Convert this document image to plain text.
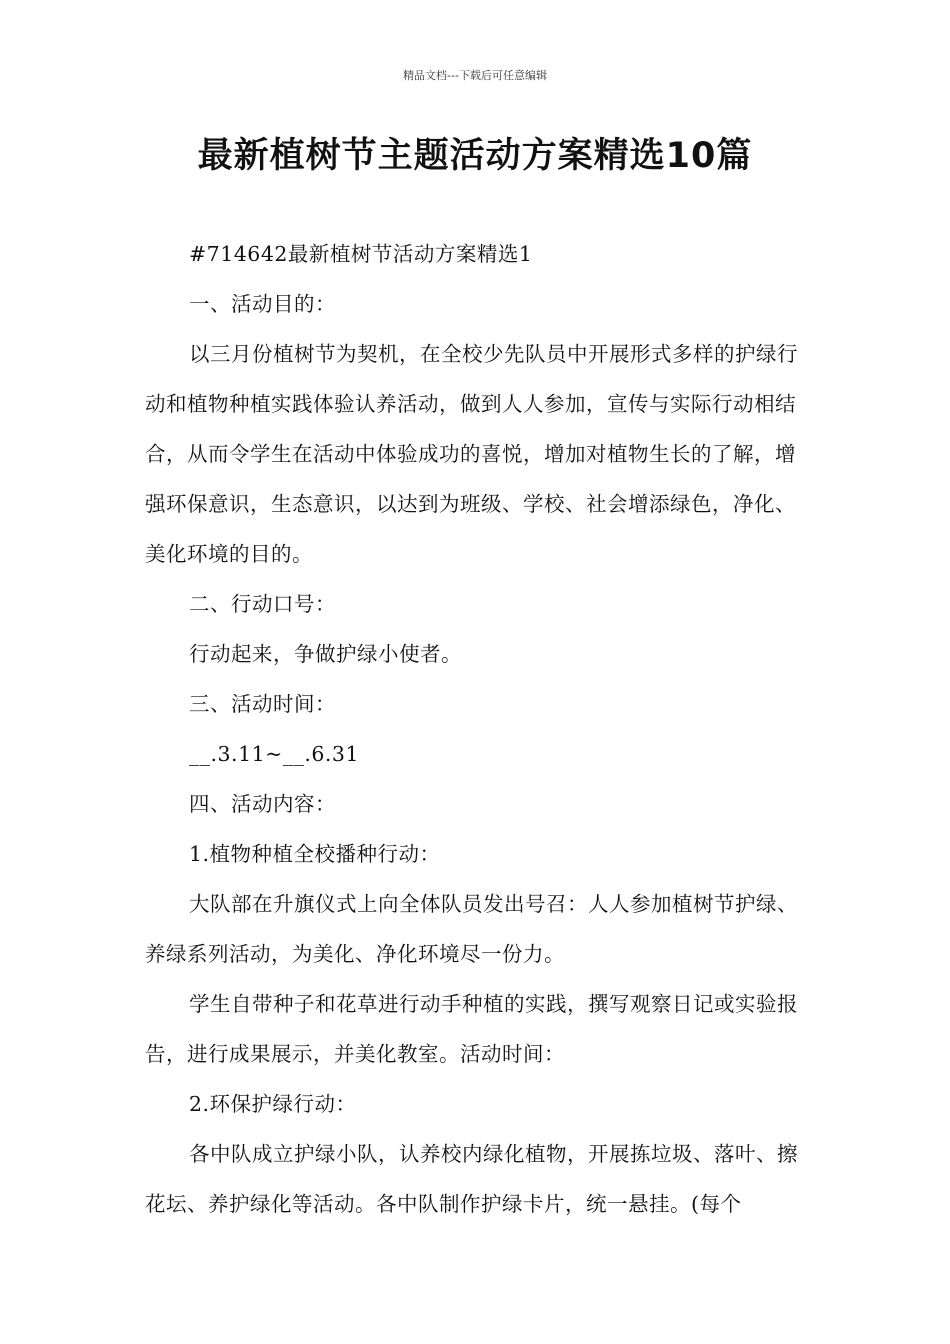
精品文档---下载后可任意编辑
最新植树节主题活动方案精选10篇

#714642最新植树节活动方案精选1

一、活动目的：

以三月份植树节为契机，在全校少先队员中开展形式多样的护绿行动和植物种植实践体验认养活动，做到人人参加，宣传与实际行动相结合，从而令学生在活动中体验成功的喜悦，增加对植物生长的了解，增强环保意识，生态意识，以达到为班级、学校、社会增添绿色，净化、美化环境的目的。

二、行动口号：

行动起来，争做护绿小使者。

三、活动时间：

__.3.11~__.6.31

四、活动内容：

1.植物种植全校播种行动：

大队部在升旗仪式上向全体队员发出号召：人人参加植树节护绿、养绿系列活动，为美化、净化环境尽一份力。

学生自带种子和花草进行动手种植的实践，撰写观察日记或实验报告，进行成果展示，并美化教室。活动时间：

2.环保护绿行动：

各中队成立护绿小队，认养校内绿化植物，开展拣垃圾、落叶、擦花坛、养护绿化等活动。各中队制作护绿卡片，统一悬挂。(每个
